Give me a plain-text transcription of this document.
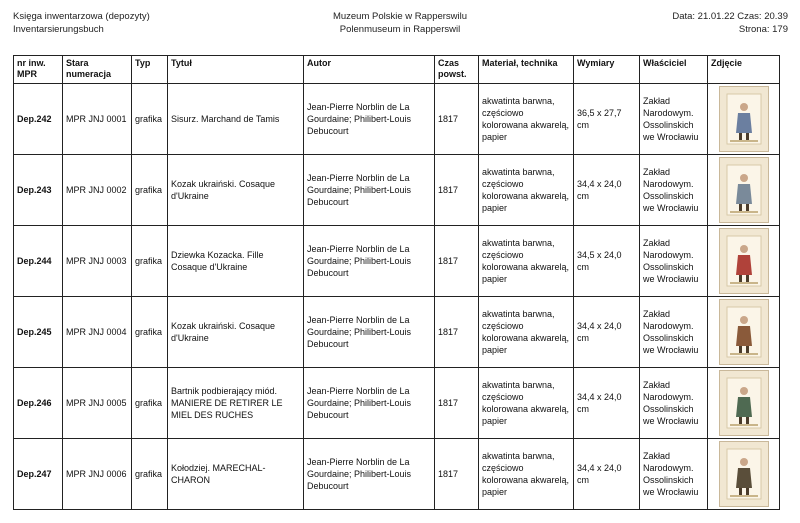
Księga inwentarzowa (depozyty)
Inventarsierungsbuch
Muzeum Polskie w Rapperswilu
Polenmuseum in Rapperswil
Data: 21.01.22 Czas: 20.39
Strona: 179
nr inw. MPR	Stara numeracja	Typ	Tytuł	Autor	Czas powst.	Materiał, technika	Wymiary	Właściciel	Zdjęcie
Dep.242	MPR JNJ 0001	grafika	Sisurz. Marchand de Tamis	Jean-Pierre Norblin de La Gourdaine; Philibert-Louis Debucourt	1817	akwatinta barwna, częściowo kolorowana akwarelą, papier	36,5 x 27,7 cm	Zakład Narodowym. Ossolinskich we Wrocławiu	

Dep.243	MPR JNJ 0002	grafika	Kozak ukraiński. Cosaque d'Ukraine	Jean-Pierre Norblin de La Gourdaine; Philibert-Louis Debucourt	1817	akwatinta barwna, częściowo kolorowana akwarelą, papier	34,4 x 24,0 cm	Zakład Narodowym. Ossolinskich we Wrocławiu	

Dep.244	MPR JNJ 0003	grafika	Dziewka Kozacka. Fille Cosaque d'Ukraine	Jean-Pierre Norblin de La Gourdaine; Philibert-Louis Debucourt	1817	akwatinta barwna, częściowo kolorowana akwarelą, papier	34,5 x 24,0 cm	Zakład Narodowym. Ossolinskich we Wrocławiu	

Dep.245	MPR JNJ 0004	grafika	Kozak ukraiński. Cosaque d'Ukraine	Jean-Pierre Norblin de La Gourdaine; Philibert-Louis Debucourt	1817	akwatinta barwna, częściowo kolorowana akwarelą, papier	34,4 x 24,0 cm	Zakład Narodowym. Ossolinskich we Wrocławiu	

Dep.246	MPR JNJ 0005	grafika	Bartnik podbierający miód. MANIERE DE RETIRER LE MIEL DES RUCHES	Jean-Pierre Norblin de La Gourdaine; Philibert-Louis Debucourt	1817	akwatinta barwna, częściowo kolorowana akwarelą, papier	34,4 x 24,0 cm	Zakład Narodowym. Ossolinskich we Wrocławiu	

Dep.247	MPR JNJ 0006	grafika	Kołodziej. MARECHAL-CHARON	Jean-Pierre Norblin de La Gourdaine; Philibert-Louis Debucourt	1817	akwatinta barwna, częściowo kolorowana akwarelą, papier	34,4 x 24,0 cm	Zakład Narodowym. Ossolinskich we Wrocławiu	
